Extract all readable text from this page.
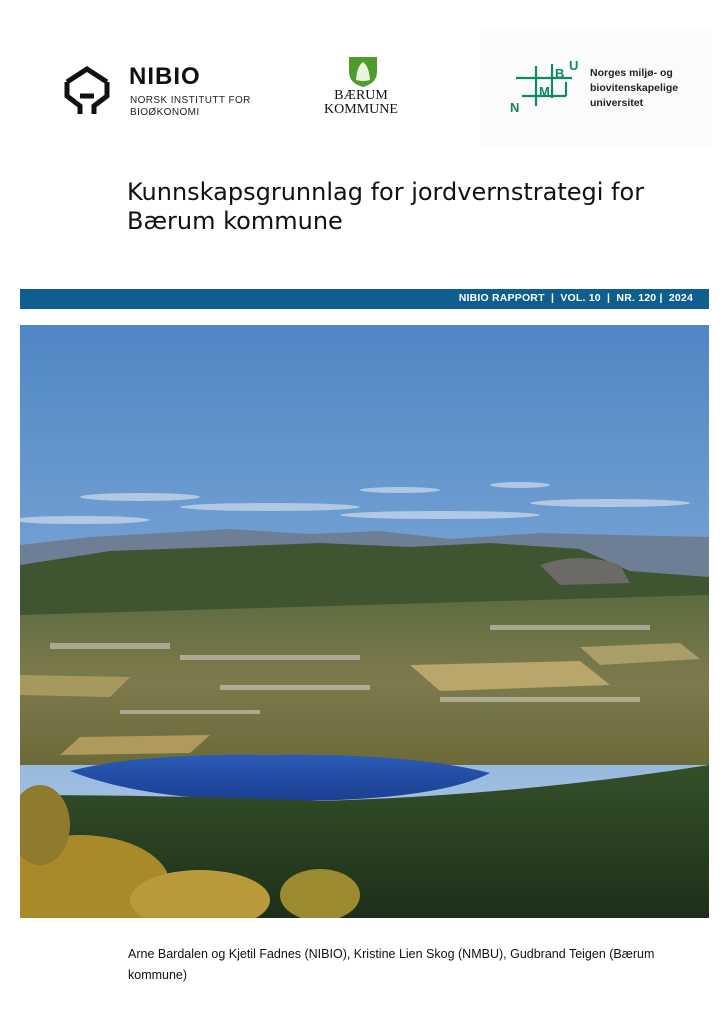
NIBIO
NORSK INSTITUTT FOR
BIOØKONOMI
BÆRUM
KOMMUNE	N
M
B
U Norges miljø- og
biovitenskapelige
universitet
Kunnskapsgrunnlag for jordvernstrategi for Bærum kommune
NIBIO RAPPORT  |  VOL. 10  |  NR. 120 |  2024
Arne Bardalen og Kjetil Fadnes (NIBIO), Kristine Lien Skog (NMBU), Gudbrand Teigen (Bærum kommune)
